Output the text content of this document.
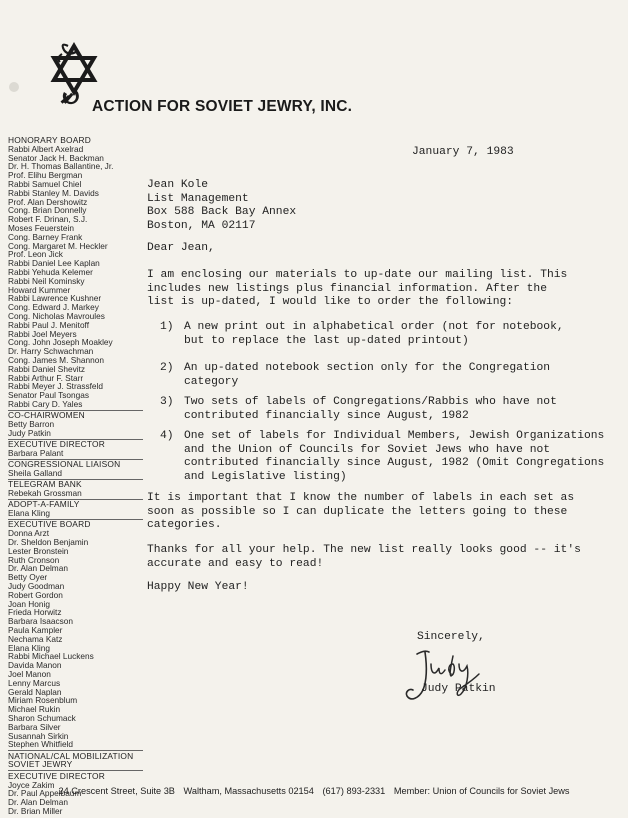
ACTION FOR SOVIET JEWRY, INC.
HONORARY BOARD
Rabbi Albert Axelrad
Senator Jack H. Backman
Dr. H. Thomas Ballantine, Jr.
Prof. Elihu Bergman
Rabbi Samuel Chiel
Rabbi Stanley M. Davids
Prof. Alan Dershowitz
Cong. Brian Donnelly
Robert F. Drinan, S.J.
Moses Feuerstein
Cong. Barney Frank
Cong. Margaret M. Heckler
Prof. Leon Jick
Rabbi Daniel Lee Kaplan
Rabbi Yehuda Kelemer
Rabbi Neil Kominsky
Howard Kummer
Rabbi Lawrence Kushner
Cong. Edward J. Markey
Cong. Nicholas Mavroules
Rabbi Paul J. Menitoff
Rabbi Joel Meyers
Cong. John Joseph Moakley
Dr. Harry Schwachman
Cong. James M. Shannon
Rabbi Daniel Shevitz
Rabbi Arthur F. Starr
Rabbi Meyer J. Strassfeld
Senator Paul Tsongas
Rabbi Cary D. Yales
CO-CHAIRWOMEN
Betty Barron
Judy Patkin
EXECUTIVE DIRECTOR
Barbara Palant
CONGRESSIONAL LIAISON
Sheila Galland
TELEGRAM BANK
Rebekah Grossman
ADOPT-A-FAMILY
Elana Kling
EXECUTIVE BOARD
Donna Arzt
Dr. Sheldon Benjamin
Lester Bronstein
Ruth Cronson
Dr. Alan Delman
Betty Oyer
Judy Goodman
Robert Gordon
Joan Honig
Frieda Horwitz
Barbara Isaacson
Paula Kampler
Nechama Katz
Elana Kling
Rabbi Michael Luckens
Davida Manon
Joel Manon
Lenny Marcus
Gerald Naplan
Miriam Rosenblum
Michael Rukin
Sharon Schumack
Barbara Silver
Susannah Sirkin
Stephen Whitfield
NATIONAL/CAL MOBILIZATION SOVIET JEWRY
EXECUTIVE DIRECTOR
Joyce Zakim
Dr. Paul Appelbaum
Dr. Alan Delman
Dr. Brian Miller
January 7, 1983
Jean Kole
List Management
Box 588 Back Bay Annex
Boston, MA 02117
Dear Jean,
I am enclosing our materials to up-date our mailing list. This
includes new listings plus financial information. After the
list is up-dated, I would like to order the following:
1) A new print out in alphabetical order (not for notebook,
but to replace the last up-dated printout)
2) An up-dated notebook section only for the Congregation
category
3) Two sets of labels of Congregations/Rabbis who have not
contributed financially since August, 1982
4) One set of labels for Individual Members, Jewish Organizations
and the Union of Councils for Soviet Jews who have not
contributed financially since August, 1982 (Omit Congregations
and Legislative listing)
It is important that I know the number of labels in each set as
soon as possible so I can duplicate the letters going to these
categories.
Thanks for all your help. The new list really looks good -- it's
accurate and easy to read!
Happy New Year!
Sincerely,
Judy Patkin
24 Crescent Street, Suite 3B Waltham, Massachusetts 02154 (617) 893-2331 Member: Union of Councils for Soviet Jews
